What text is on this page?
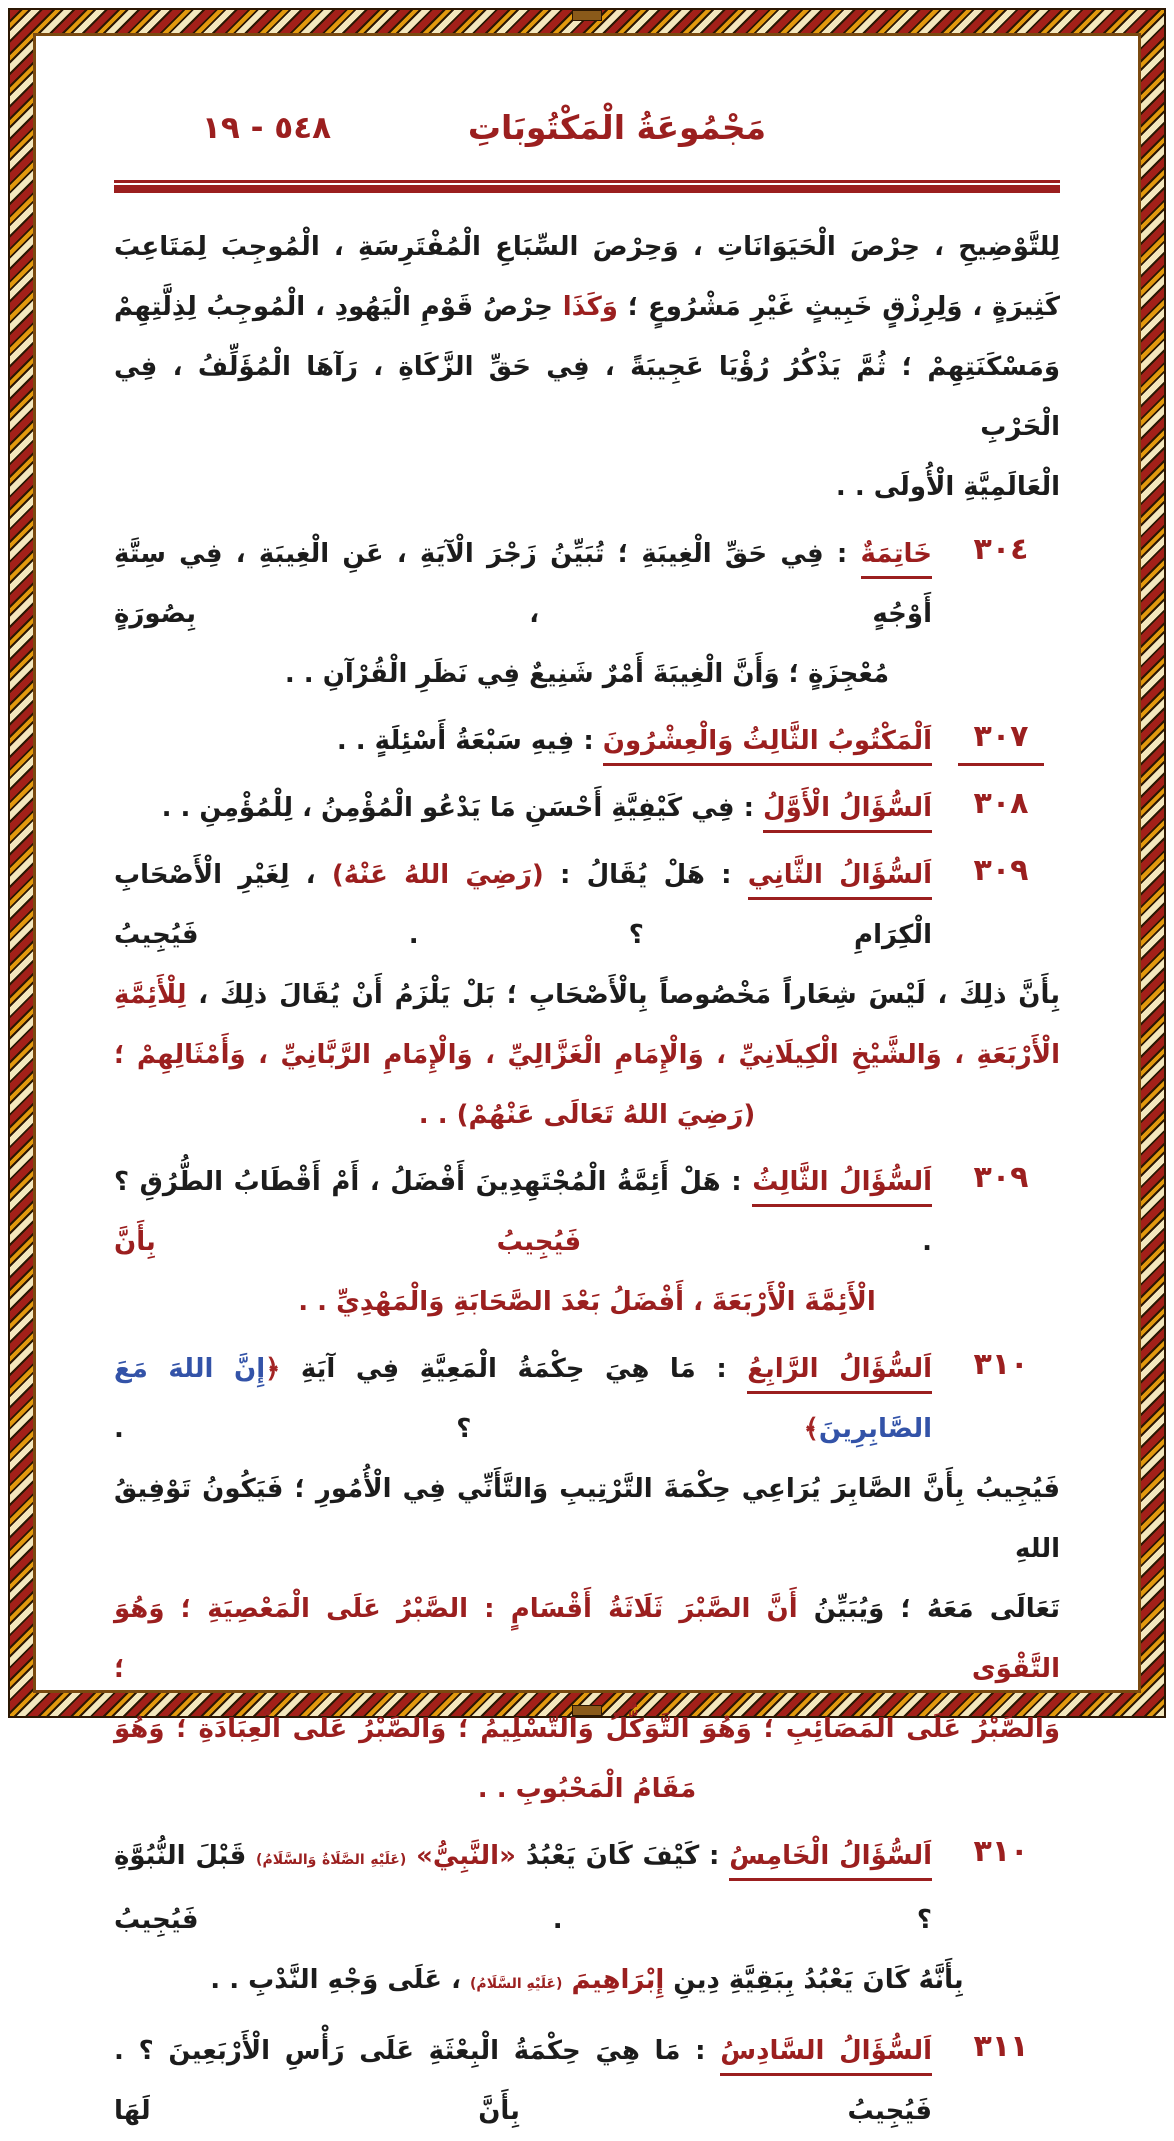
مَجْمُوعَةُ الْمَكْتُوبَاتِ
٥٤٨ - ١٩
لِلتَّوْضِيحِ ، حِرْصَ الْحَيَوَانَاتِ ، وَحِرْصَ السِّبَاعِ الْمُفْتَرِسَةِ ، الْمُوجِبَ لِمَتَاعِبَ
كَثِيرَةٍ ، وَلِرِزْقٍ خَبِيثٍ غَيْرِ مَشْرُوعٍ ؛ وَكَذَا حِرْصُ قَوْمِ الْيَهُودِ ، الْمُوجِبُ لِذِلَّتِهِمْ
وَمَسْكَنَتِهِمْ ؛ ثُمَّ يَذْكُرُ رُؤْيَا عَجِيبَةً ، فِي حَقِّ الزَّكَاةِ ، رَآهَا الْمُؤَلِّفُ ، فِي الْحَرْبِ
الْعَالَمِيَّةِ الْأُولَى . .
٣٠٤
خَاتِمَةٌ : فِي حَقِّ الْغِيبَةِ ؛ تُبَيِّنُ زَجْرَ الْآيَةِ ، عَنِ الْغِيبَةِ ، فِي سِتَّةِ أَوْجُهٍ ، بِصُورَةٍ
مُعْجِزَةٍ ؛ وَأَنَّ الْغِيبَةَ أَمْرٌ شَنِيعٌ فِي نَظَرِ الْقُرْآنِ . .
٣٠٧
اَلْمَكْتُوبُ الثَّالِثُ وَالْعِشْرُونَ : فِيهِ سَبْعَةُ أَسْئِلَةٍ . .
٣٠٨
اَلسُّؤَالُ الْأَوَّلُ : فِي كَيْفِيَّةِ أَحْسَنِ مَا يَدْعُو الْمُؤْمِنُ ، لِلْمُؤْمِنِ . .
٣٠٩
اَلسُّؤَالُ الثَّانِي : هَلْ يُقَالُ : (رَضِيَ اللهُ عَنْهُ) ، لِغَيْرِ الْأَصْحَابِ الْكِرَامِ ؟ . فَيُجِيبُ
بِأَنَّ ذلِكَ ، لَيْسَ شِعَاراً مَخْصُوصاً بِالْأَصْحَابِ ؛ بَلْ يَلْزَمُ أَنْ يُقَالَ ذلِكَ ، لِلْأَئِمَّةِ
الْأَرْبَعَةِ ، وَالشَّيْخِ الْكِيلَانِيِّ ، وَالْإِمَامِ الْغَزَّالِيِّ ، وَالْإِمَامِ الرَّبَّانِيِّ ، وَأَمْثَالِهِمْ ؛
(رَضِيَ اللهُ تَعَالَى عَنْهُمْ) . .
٣٠٩
اَلسُّؤَالُ الثَّالِثُ : هَلْ أَئِمَّةُ الْمُجْتَهِدِينَ أَفْضَلُ ، أَمْ أَقْطَابُ الطُّرُقِ ؟ . فَيُجِيبُ بِأَنَّ
الْأَئِمَّةَ الْأَرْبَعَةَ ، أَفْضَلُ بَعْدَ الصَّحَابَةِ وَالْمَهْدِيِّ . .
٣١٠
اَلسُّؤَالُ الرَّابِعُ : مَا هِيَ حِكْمَةُ الْمَعِيَّةِ فِي آيَةِ ﴿إِنَّ اللهَ مَعَ الصَّابِرِينَ﴾ ؟ .
فَيُجِيبُ بِأَنَّ الصَّابِرَ يُرَاعِي حِكْمَةَ التَّرْتِيبِ وَالتَّأَنِّي فِي الْأُمُورِ ؛ فَيَكُونُ تَوْفِيقُ اللهِ
تَعَالَى مَعَهُ ؛ وَيُبَيِّنُ أَنَّ الصَّبْرَ ثَلَاثَةُ أَقْسَامٍ : الصَّبْرُ عَلَى الْمَعْصِيَةِ ؛ وَهُوَ التَّقْوَى ؛
وَالصَّبْرُ عَلَى الْمَصَائِبِ ؛ وَهُوَ التَّوَكُّلُ وَالتَّسْلِيمُ ؛ وَالصَّبْرُ عَلَى الْعِبَادَةِ ؛ وَهُوَ
مَقَامُ الْمَحْبُوبِ . .
٣١٠
اَلسُّؤَالُ الْخَامِسُ : كَيْفَ كَانَ يَعْبُدُ «النَّبِيُّ» (عَلَيْهِ الصَّلَاةُ وَالسَّلَامُ) قَبْلَ النُّبُوَّةِ ؟ . فَيُجِيبُ
بِأَنَّهُ كَانَ يَعْبُدُ بِبَقِيَّةِ دِينِ إِبْرَاهِيمَ (عَلَيْهِ السَّلَامُ) ، عَلَى وَجْهِ النَّدْبِ . .
٣١١
اَلسُّؤَالُ السَّادِسُ : مَا هِيَ حِكْمَةُ الْبِعْثَةِ عَلَى رَأْسِ الْأَرْبَعِينَ ؟ . فَيُجِيبُ بِأَنَّ لَهَا
